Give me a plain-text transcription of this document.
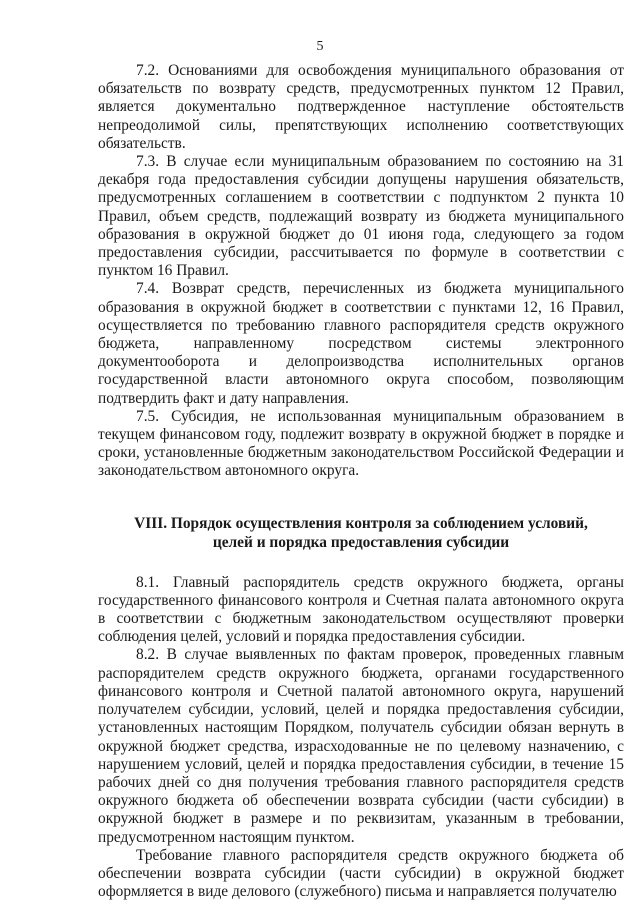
5

7.2. Основаниями для освобождения муниципального образования от обязательств по возврату средств, предусмотренных пунктом 12 Правил, является документально подтвержденное наступление обстоятельств непреодолимой силы, препятствующих исполнению соответствующих обязательств.

7.3. В случае если муниципальным образованием по состоянию на 31 декабря года предоставления субсидии допущены нарушения обязательств, предусмотренных соглашением в соответствии с подпунктом 2 пункта 10 Правил, объем средств, подлежащий возврату из бюджета муниципального образования в окружной бюджет до 01 июня года, следующего за годом предоставления субсидии, рассчитывается по формуле в соответствии с пунктом 16 Правил.

7.4. Возврат средств, перечисленных из бюджета муниципального образования в окружной бюджет в соответствии с пунктами 12, 16 Правил, осуществляется по требованию главного распорядителя средств окружного бюджета, направленному посредством системы электронного документооборота и делопроизводства исполнительных органов государственной власти автономного округа способом, позволяющим подтвердить факт и дату направления.

7.5. Субсидия, не использованная муниципальным образованием в текущем финансовом году, подлежит возврату в окружной бюджет в порядке и сроки, установленные бюджетным законодательством Российской Федерации и законодательством автономного округа.

VIII. Порядок осуществления контроля за соблюдением условий,
целей и порядка предоставления субсидии

8.1. Главный распорядитель средств окружного бюджета, органы государственного финансового контроля и Счетная палата автономного округа в соответствии с бюджетным законодательством осуществляют проверки соблюдения целей, условий и порядка предоставления субсидии.

8.2. В случае выявленных по фактам проверок, проведенных главным распорядителем средств окружного бюджета, органами государственного финансового контроля и Счетной палатой автономного округа, нарушений получателем субсидии, условий, целей и порядка предоставления субсидии, установленных настоящим Порядком, получатель субсидии обязан вернуть в окружной бюджет средства, израсходованные не по целевому назначению, с нарушением условий, целей и порядка предоставления субсидии, в течение 15 рабочих дней со дня получения требования главного распорядителя средств окружного бюджета об обеспечении возврата субсидии (части субсидии) в окружной бюджет в размере и по реквизитам, указанным в требовании, предусмотренном настоящим пунктом.

Требование главного распорядителя средств окружного бюджета об обеспечении возврата субсидии (части субсидии) в окружной бюджет оформляется в виде делового (служебного) письма и направляется получателю
